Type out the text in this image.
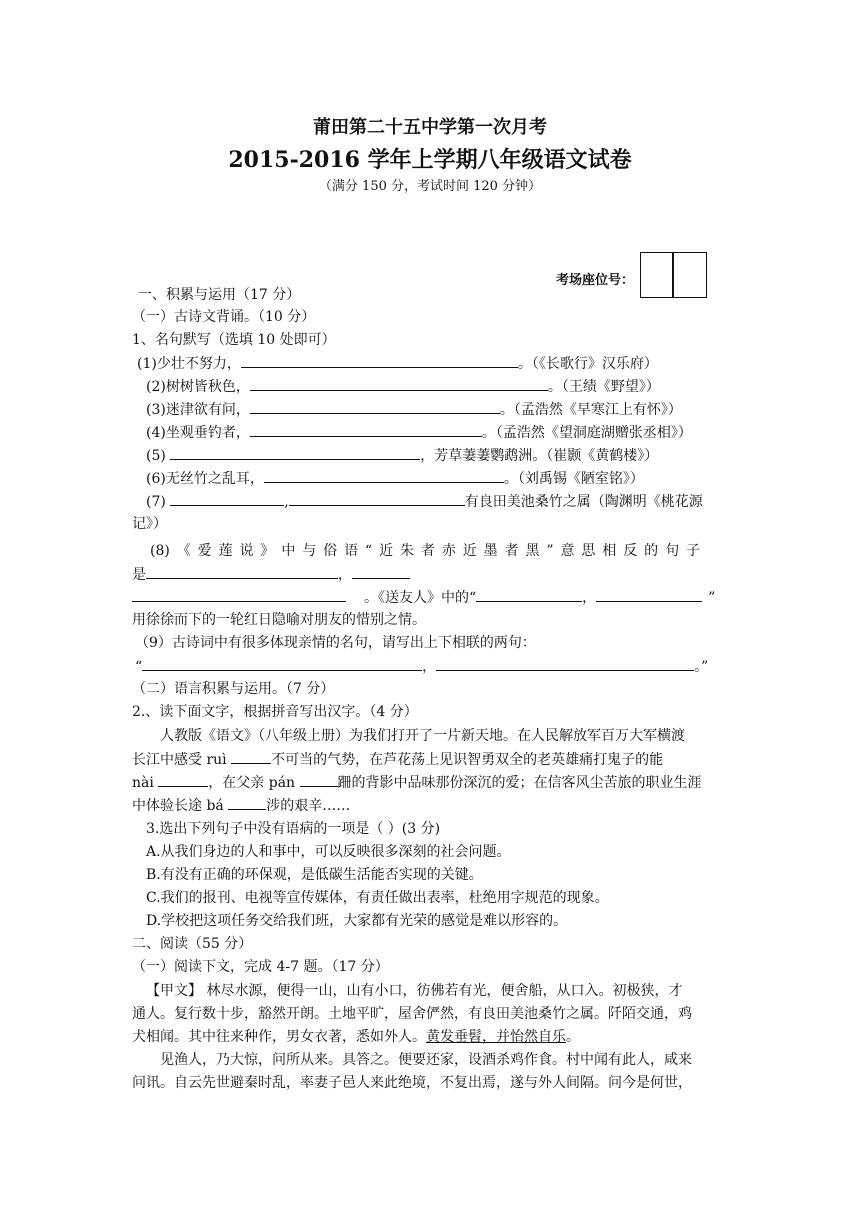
莆田第二十五中学第一次月考
2015-2016 学年上学期八年级语文试卷
（满分 150 分，考试时间 120 分钟）
考场座位号：
一、积累与运用（17 分）
（一）古诗文背诵。（10 分）
1、名句默写（选填 10 处即可）
(1)少壮不努力，	。（《长歌行》汉乐府）
(2)树树皆秋色，	。（王绩《野望》）
(3)迷津欲有问，	。（孟浩然《早寒江上有怀》）
(4)坐观垂钓者，	。（孟浩然《望洞庭湖赠张丞相》）
(5)	，芳草萋萋鹦鹉洲。（崔颢《黄鹤楼》）
(6)无丝竹之乱耳，	。（刘禹锡《陋室铭》）
(7)	,	有良田美池桑竹之属（陶渊明《桃花源
记》）
(8)《爱莲说》中与俗语“近朱者赤近墨者黑”意思相反的句子
是	，
。《送友人》中的“	，	”
用徐徐而下的一轮红日隐喻对朋友的惜别之情。
（9）古诗词中有很多体现亲情的名句，请写出上下相联的两句：
“	，	。”
（二）语言积累与运用。（7 分）
2.、读下面文字，根据拼音写出汉字。（4 分）
人教版《语文》（八年级上册）为我们打开了一片新天地。在人民解放军百万大军横渡
长江中感受 ruì	不可当的气势，在芦花荡上见识智勇双全的老英雄痛打鬼子的能
nài	，在父亲 pán	跚的背影中品味那份深沉的爱；在信客风尘苦旅的职业生涯
中体验长途 bá	涉的艰辛……
3.选出下列句子中没有语病的一项是（ ）(3 分)
A.从我们身边的人和事中，可以反映很多深刻的社会问题。
B.有没有正确的环保观，是低碳生活能否实现的关键。
C.我们的报刊、电视等宣传媒体，有责任做出表率，杜绝用字规范的现象。
D.学校把这项任务交给我们班，大家都有光荣的感觉是难以形容的。
二、阅读（55 分）
（一）阅读下文，完成 4-7 题。（17 分）
【甲文】 林尽水源，便得一山，山有小口，彷佛若有光，便舍船，从口入。初极狭，才
通人。复行数十步，豁然开朗。土地平旷，屋舍俨然，有良田美池桑竹之属。阡陌交通，鸡
犬相闻。其中往来种作，男女衣著，悉如外人。黄发垂髫，并怡然自乐。
见渔人，乃大惊，问所从来。具答之。便要还家，设酒杀鸡作食。村中闻有此人，咸来
问讯。自云先世避秦时乱，率妻子邑人来此绝境，不复出焉，遂与外人间隔。问今是何世，
